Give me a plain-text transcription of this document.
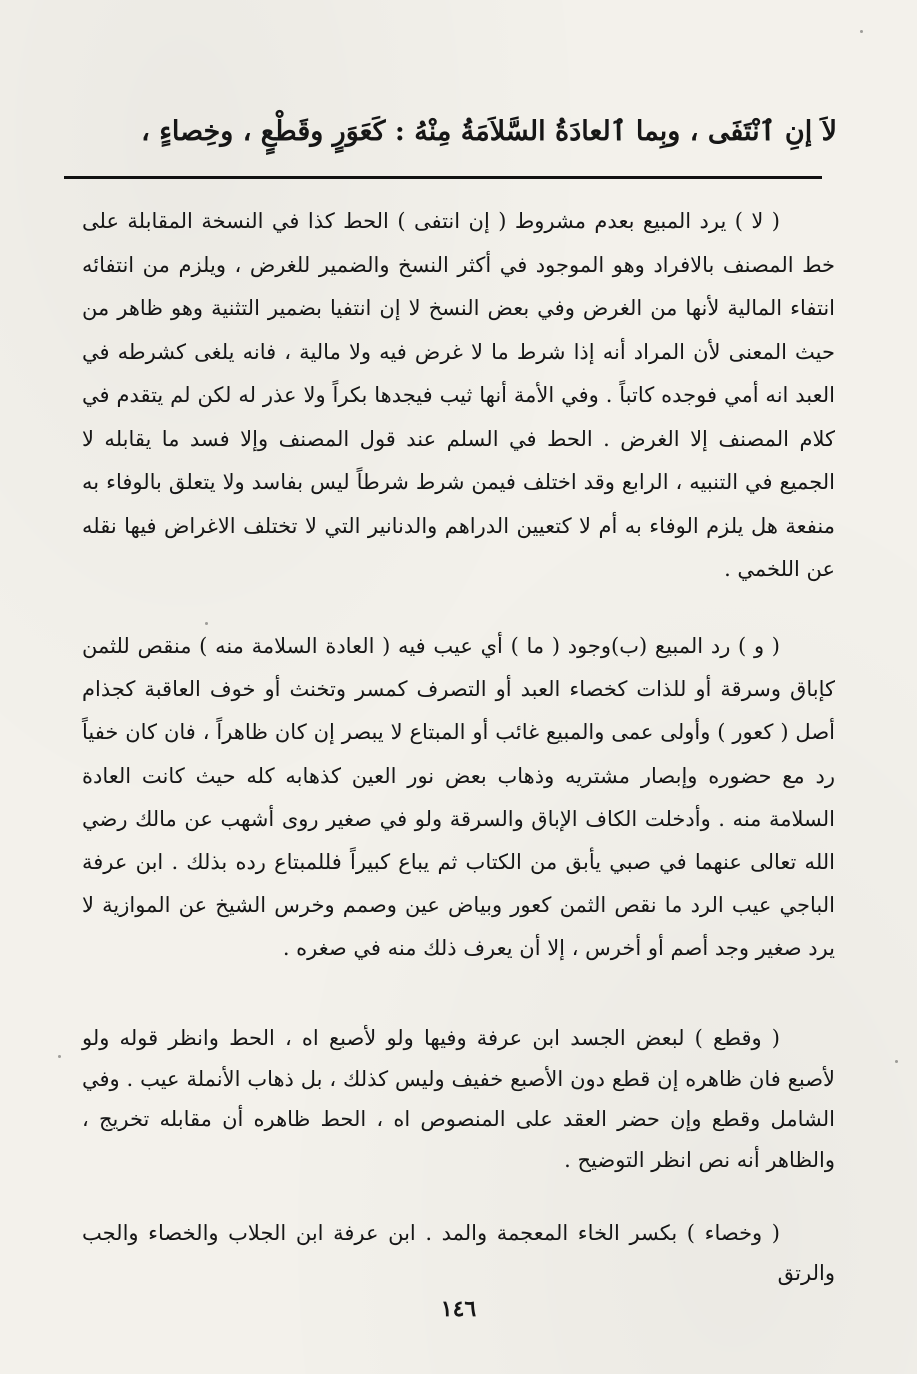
لاَ إنِ ٱنْتَفَى ، وبِما ٱلعادَةُ السَّلاَمَةُ مِنْهُ : كَعَوَرٍ وقَطْعٍ ، وخِصاءٍ ،
( لا ) يرد المبيع بعدم مشروط ( إن انتفى ) الحط كذا في النسخة المقابلة على خط المصنف بالافراد وهو الموجود في أكثر النسخ والضمير للغرض ، ويلزم من انتفائه انتفاء المالية لأنها من الغرض وفي بعض النسخ لا إن انتفيا بضمير التثنية وهو ظاهر من حيث المعنى لأن المراد أنه إذا شرط ما لا غرض فيه ولا مالية ، فانه يلغى كشرطه في العبد انه أمي فوجده كاتباً . وفي الأمة أنها ثيب فيجدها بكراً ولا عذر له لكن لم يتقدم في كلام المصنف إلا الغرض . الحط في السلم عند قول المصنف وإلا فسد ما يقابله لا الجميع في التنبيه ، الرابع وقد اختلف فيمن شرط شرطاً ليس بفاسد ولا يتعلق بالوفاء به منفعة هل يلزم الوفاء به أم لا كتعيين الدراهم والدنانير التي لا تختلف الاغراض فيها نقله عن اللخمي .
( و ) رد المبيع (ب)وجود ( ما ) أي عيب فيه ( العادة السلامة منه ) منقص للثمن كإباق وسرقة أو للذات كخصاء العبد أو التصرف كمسر وتخنث أو خوف العاقبة كجذام أصل ( كعور ) وأولى عمى والمبيع غائب أو المبتاع لا يبصر إن كان ظاهراً ، فان كان خفياً رد مع حضوره وإبصار مشتريه وذهاب بعض نور العين كذهابه كله حيث كانت العادة السلامة منه . وأدخلت الكاف الإباق والسرقة ولو في صغير روى أشهب عن مالك رضي الله تعالى عنهما في صبي يأبق من الكتاب ثم يباع كبيراً فللمبتاع رده بذلك . ابن عرفة الباجي عيب الرد ما نقص الثمن كعور وبياض عين وصمم وخرس الشيخ عن الموازية لا يرد صغير وجد أصم أو أخرس ، إلا أن يعرف ذلك منه في صغره .
( وقطع ) لبعض الجسد ابن عرفة وفيها ولو لأصبع اه ، الحط وانظر قوله ولو لأصبع فان ظاهره إن قطع دون الأصبع خفيف وليس كذلك ، بل ذهاب الأنملة عيب . وفي الشامل وقطع وإن حضر العقد على المنصوص اه ، الحط ظاهره أن مقابله تخريج ، والظاهر أنه نص انظر التوضيح .
( وخصاء ) بكسر الخاء المعجمة والمد . ابن عرفة ابن الجلاب والخصاء والجب والرتق
١٤٦
